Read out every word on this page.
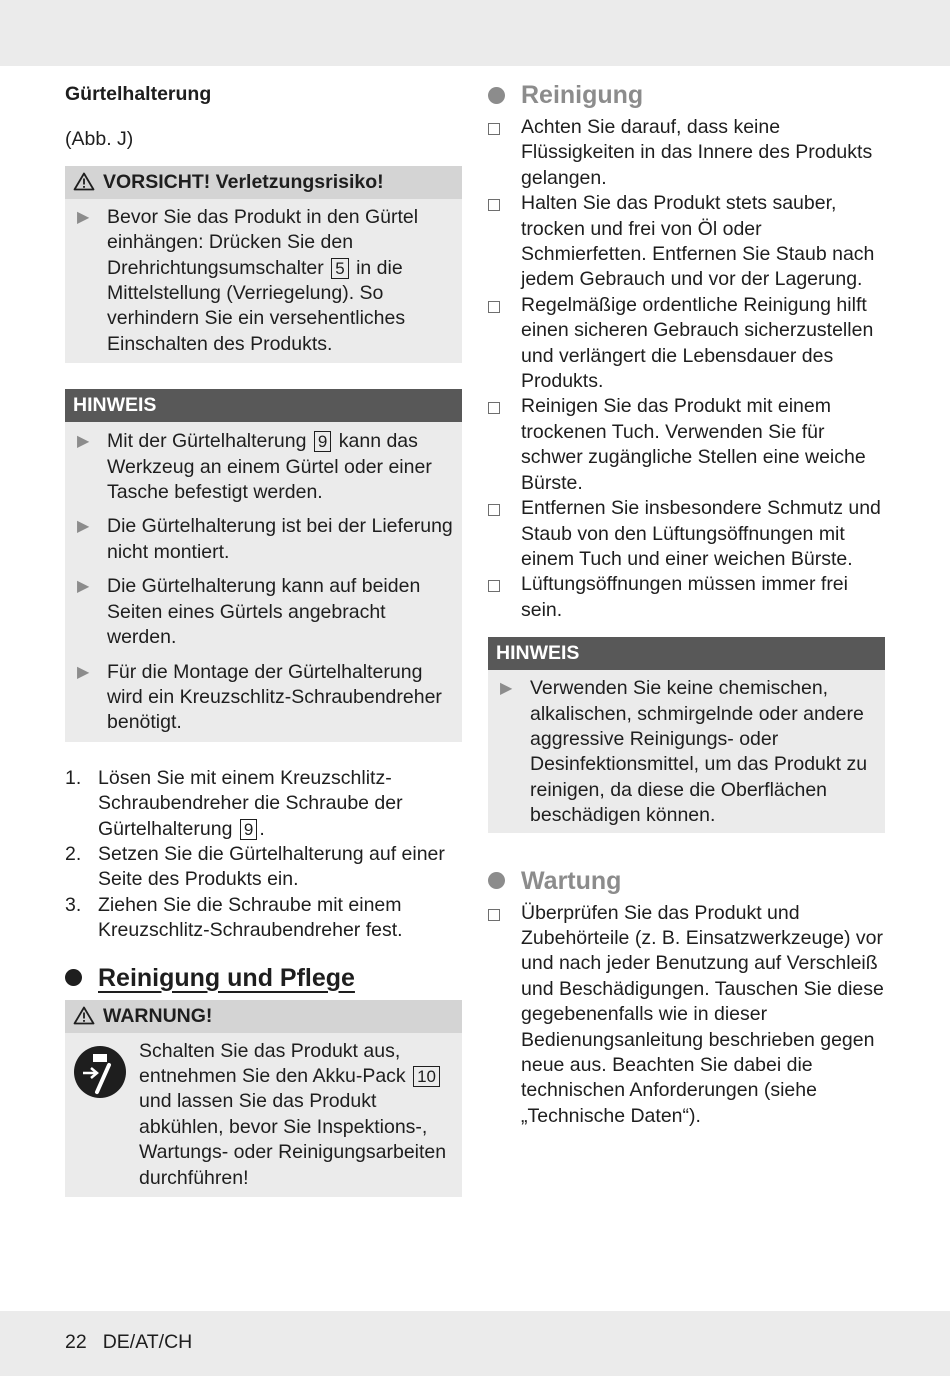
Gürtelhalterung

(Abb. J)

VORSICHT! Verletzungsrisiko!
▶ Bevor Sie das Produkt in den Gürtel einhängen: Drücken Sie den Drehrichtungsumschalter 5 in die Mittelstellung (Verriegelung). So verhindern Sie ein versehentliches Einschalten des Produkts.
HINWEIS
▶ Mit der Gürtelhalterung 9 kann das Werkzeug an einem Gürtel oder einer Tasche befestigt werden.
▶ Die Gürtelhalterung ist bei der Lieferung nicht montiert.
▶ Die Gürtelhalterung kann auf beiden Seiten eines Gürtels angebracht werden.
▶ Für die Montage der Gürtelhalterung wird ein Kreuzschlitz-Schraubendreher benötigt.
1. Lösen Sie mit einem Kreuzschlitz-Schraubendreher die Schraube der Gürtelhalterung 9 .
2. Setzen Sie die Gürtelhalterung auf einer Seite des Produkts ein.
3. Ziehen Sie die Schraube mit einem Kreuzschlitz-Schraubendreher fest.
Reinigung und Pflege
WARNUNG!
Schalten Sie das Produkt aus, entnehmen Sie den Akku-Pack 10 und lassen Sie das Produkt abkühlen, bevor Sie Inspektions-, Wartungs- oder Reinigungsarbeiten durchführen!
Reinigung
Achten Sie darauf, dass keine Flüssigkeiten in das Innere des Produkts gelangen.
Halten Sie das Produkt stets sauber, trocken und frei von Öl oder Schmierfetten. Entfernen Sie Staub nach jedem Gebrauch und vor der Lagerung.
Regelmäßige ordentliche Reinigung hilft einen sicheren Gebrauch sicherzustellen und verlängert die Lebensdauer des Produkts.
Reinigen Sie das Produkt mit einem trockenen Tuch. Verwenden Sie für schwer zugängliche Stellen eine weiche Bürste.
Entfernen Sie insbesondere Schmutz und Staub von den Lüftungsöffnungen mit einem Tuch und einer weichen Bürste.
Lüftungsöffnungen müssen immer frei sein.
HINWEIS
▶ Verwenden Sie keine chemischen, alkalischen, schmirgelnde oder andere aggressive Reinigungs- oder Desinfektionsmittel, um das Produkt zu reinigen, da diese die Oberflächen beschädigen können.
Wartung
Überprüfen Sie das Produkt und Zubehörteile (z. B. Einsatzwerkzeuge) vor und nach jeder Benutzung auf Verschleiß und Beschädigungen. Tauschen Sie diese gegebenenfalls wie in dieser Bedienungsanleitung beschrieben gegen neue aus. Beachten Sie dabei die technischen Anforderungen (siehe „Technische Daten“).
22 DE/AT/CH
